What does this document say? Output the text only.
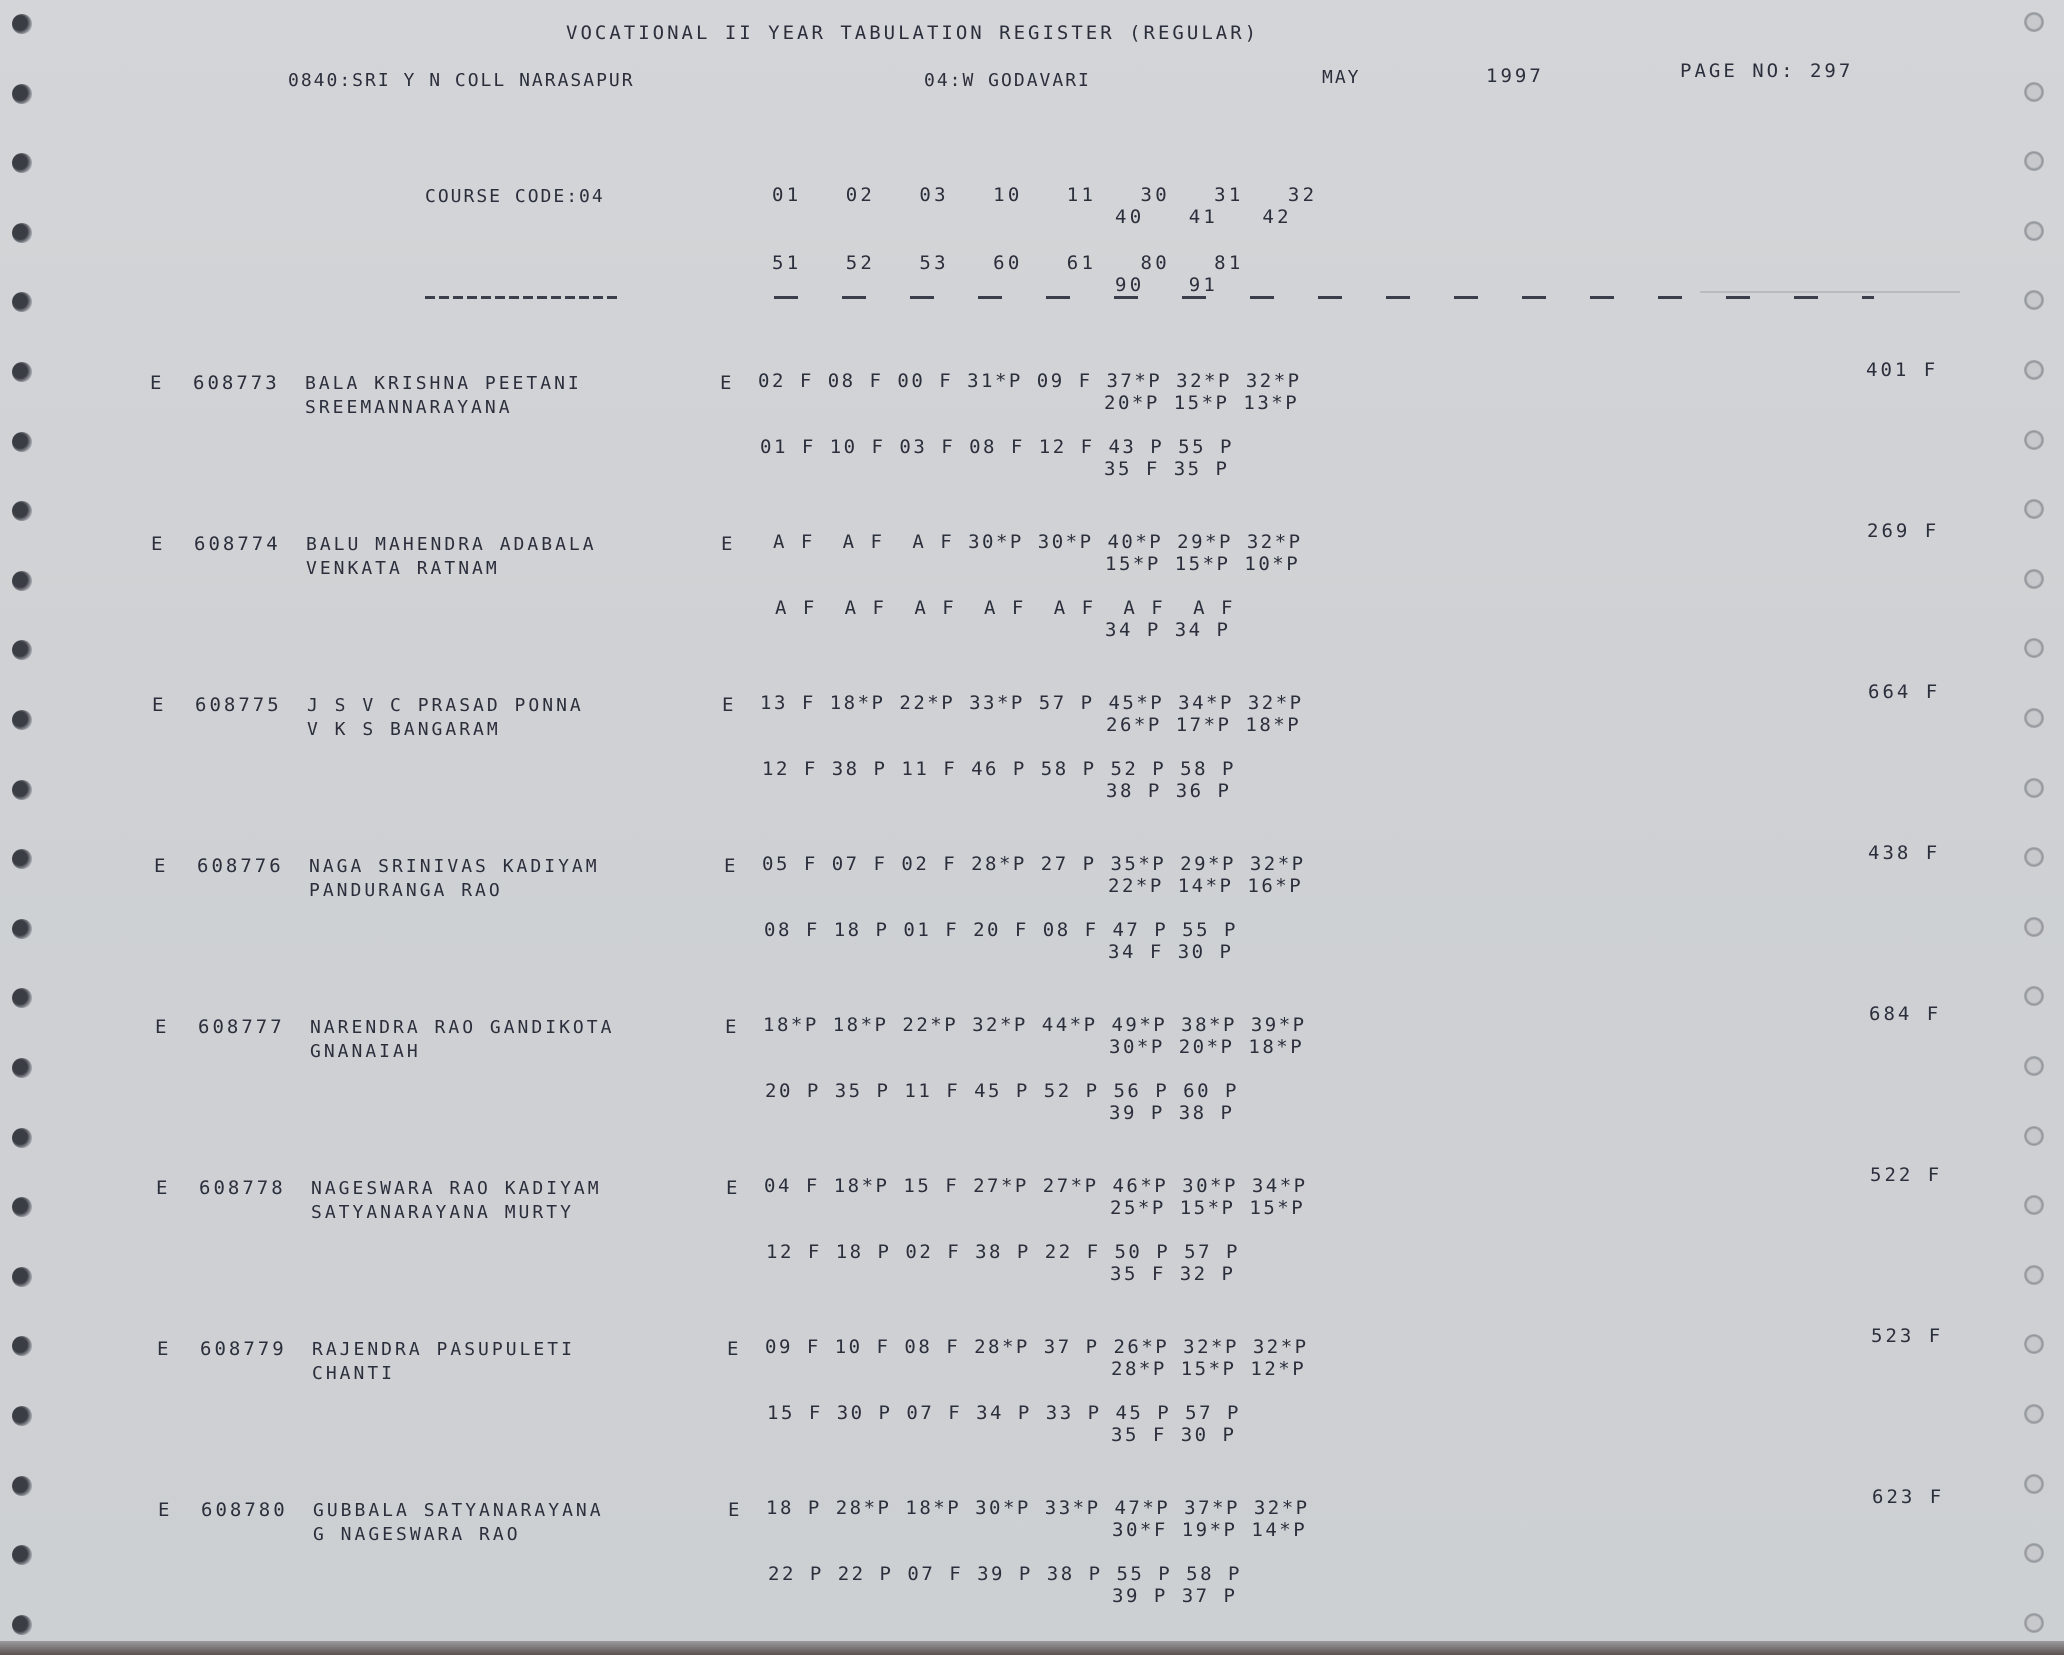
VOCATIONAL II YEAR TABULATION REGISTER (REGULAR)
0840:SRI Y N COLL NARASAPUR	04:W GODAVARI	MAY	1997	PAGE NO: 297
COURSE CODE:04	01   02   03   10   11   30   31   32
40   41   42
51   52   53   60   61   80   81
90   91
E 608773 BALA KRISHNA PEETANI
SREEMANNARAYANA
E 02 F 08 F 00 F 31*P 09 F 37*P 32*P 32*P
20*P 15*P 13*P
01 F 10 F 03 F 08 F 12 F 43 P 55 P
35 F 35 P
401 F
E 608774 BALU MAHENDRA ADABALA
VENKATA RATNAM
E A F  A F  A F 30*P 30*P 40*P 29*P 32*P
15*P 15*P 10*P
A F  A F  A F  A F  A F  A F  A F
34 P 34 P
269 F
E 608775 J S V C PRASAD PONNA
V K S BANGARAM
E 13 F 18*P 22*P 33*P 57 P 45*P 34*P 32*P
26*P 17*P 18*P
12 F 38 P 11 F 46 P 58 P 52 P 58 P
38 P 36 P
664 F
E 608776 NAGA SRINIVAS KADIYAM
PANDURANGA RAO
E 05 F 07 F 02 F 28*P 27 P 35*P 29*P 32*P
22*P 14*P 16*P
08 F 18 P 01 F 20 F 08 F 47 P 55 P
34 F 30 P
438 F
E 608777 NARENDRA RAO GANDIKOTA
GNANAIAH
E 18*P 18*P 22*P 32*P 44*P 49*P 38*P 39*P
30*P 20*P 18*P
20 P 35 P 11 F 45 P 52 P 56 P 60 P
39 P 38 P
684 F
E 608778 NAGESWARA RAO KADIYAM
SATYANARAYANA MURTY
E 04 F 18*P 15 F 27*P 27*P 46*P 30*P 34*P
25*P 15*P 15*P
12 F 18 P 02 F 38 P 22 F 50 P 57 P
35 F 32 P
522 F
E 608779 RAJENDRA PASUPULETI
CHANTI
E 09 F 10 F 08 F 28*P 37 P 26*P 32*P 32*P
28*P 15*P 12*P
15 F 30 P 07 F 34 P 33 P 45 P 57 P
35 F 30 P
523 F
E 608780 GUBBALA SATYANARAYANA
G NAGESWARA RAO
E 18 P 28*P 18*P 30*P 33*P 47*P 37*P 32*P
30*F 19*P 14*P
22 P 22 P 07 F 39 P 38 P 55 P 58 P
39 P 37 P
623 F
